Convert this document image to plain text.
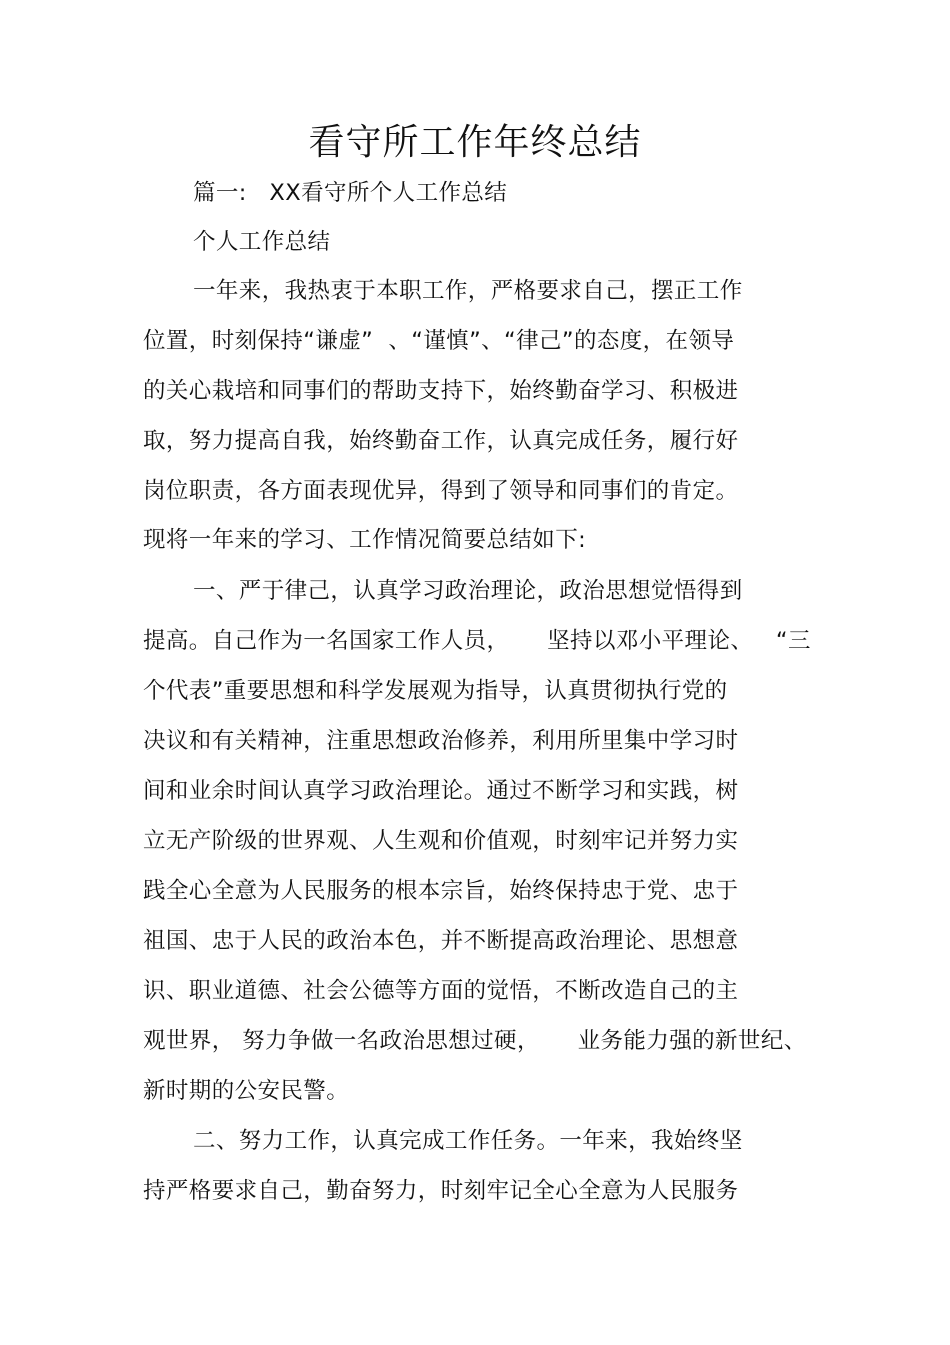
看守所工作年终总结
篇一:   XX看守所个人工作总结
个人工作总结
一年来，我热衷于本职工作，严格要求自己，摆正工作
位置，时刻保持“谦虚”  、“谨慎”、“律己”的态度，在领导
的关心栽培和同事们的帮助支持下，始终勤奋学习、积极进
取，努力提高自我，始终勤奋工作，认真完成任务，履行好
岗位职责，各方面表现优异，得到了领导和同事们的肯定。
现将一年来的学习、工作情况简要总结如下:
一、严于律己，认真学习政治理论，政治思想觉悟得到
提高。自己作为一名国家工作人员，     坚持以邓小平理论、   “三
个代表”重要思想和科学发展观为指导，认真贯彻执行党的
决议和有关精神，注重思想政治修养，利用所里集中学习时
间和业余时间认真学习政治理论。通过不断学习和实践，树
立无产阶级的世界观、人生观和价值观，时刻牢记并努力实
践全心全意为人民服务的根本宗旨，始终保持忠于党、忠于
祖国、忠于人民的政治本色，并不断提高政治理论、思想意
识、职业道德、社会公德等方面的觉悟，不断改造自己的主
观世界， 努力争做一名政治思想过硬，     业务能力强的新世纪、
新时期的公安民警。
二、努力工作，认真完成工作任务。一年来，我始终坚
持严格要求自己，勤奋努力，时刻牢记全心全意为人民服务
